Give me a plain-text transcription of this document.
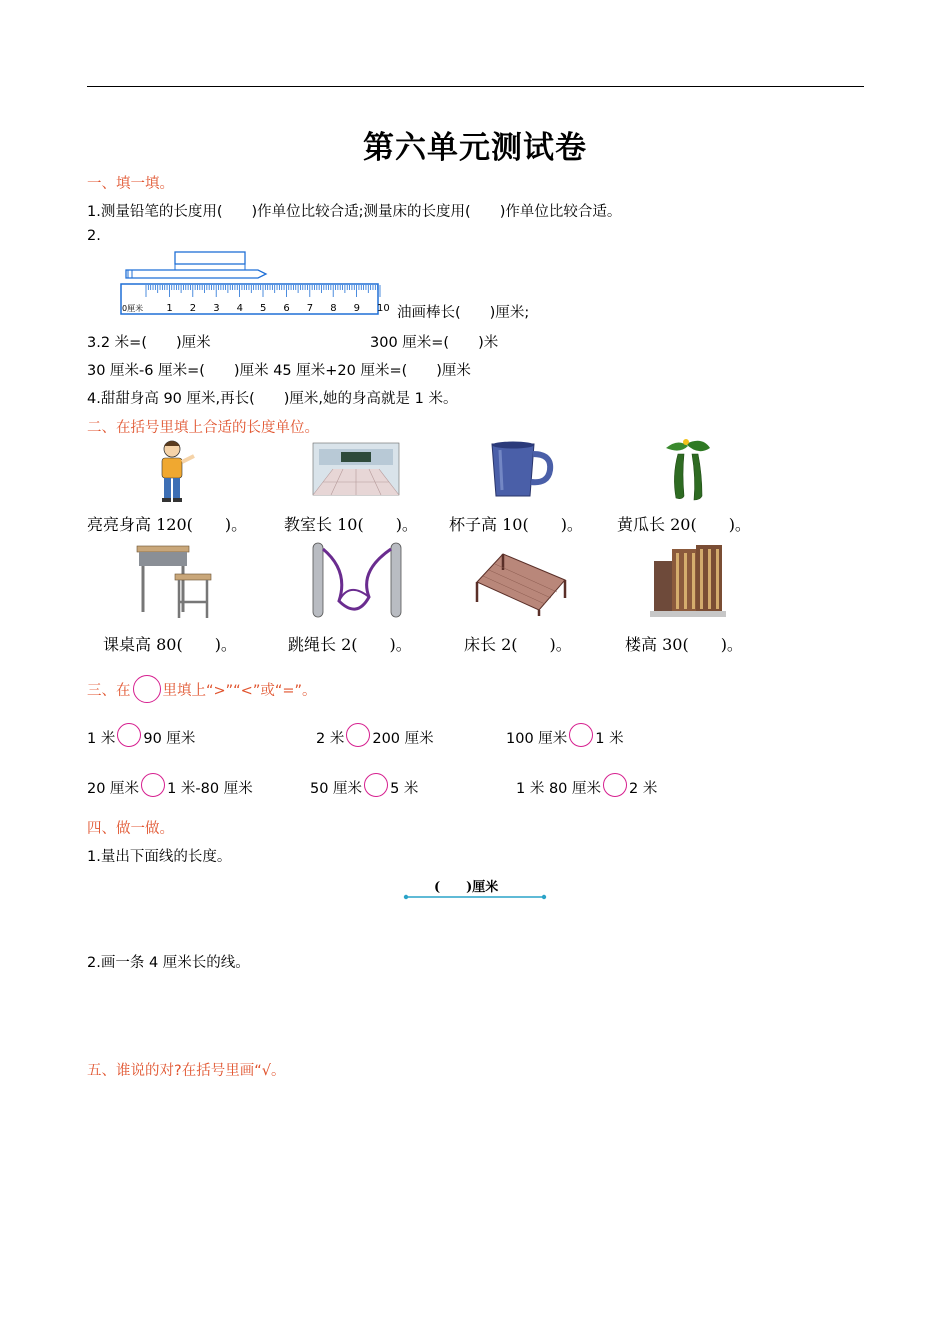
第六单元测试卷
一、填一填。
1.测量铅笔的长度用(　　)作单位比较合适;测量床的长度用(　　)作单位比较合适。
2.
0厘米 1 2 3 4 5 6 7 8 9 10 油画棒长(　　)厘米;
3.2 米=(　　)厘米	300 厘米=(　　)米
30 厘米-6 厘米=(　　)厘米 45 厘米+20 厘米=(　　)厘米
4.甜甜身高 90 厘米,再长(　　)厘米,她的身高就是 1 米。
二、在括号里填上合适的长度单位。
亮亮身高 120(　　)。 教室长 10(　　)。 杯子高 10(　　)。 黄瓜长 20(　　)。
课桌高 80(　　)。	跳绳长 2(　　)。	床长 2(　　)。	楼高 30(　　)。
三、在 里填上“>”“<”或“=”。
1 米 90 厘米	2 米 200 厘米	100 厘米 1 米
20 厘米 1 米-80 厘米	50 厘米 5 米	1 米 80 厘米 2 米
四、做一做。
1.量出下面线的长度。
(　　)厘米
2.画一条 4 厘米长的线。
五、谁说的对?在括号里画“√。
